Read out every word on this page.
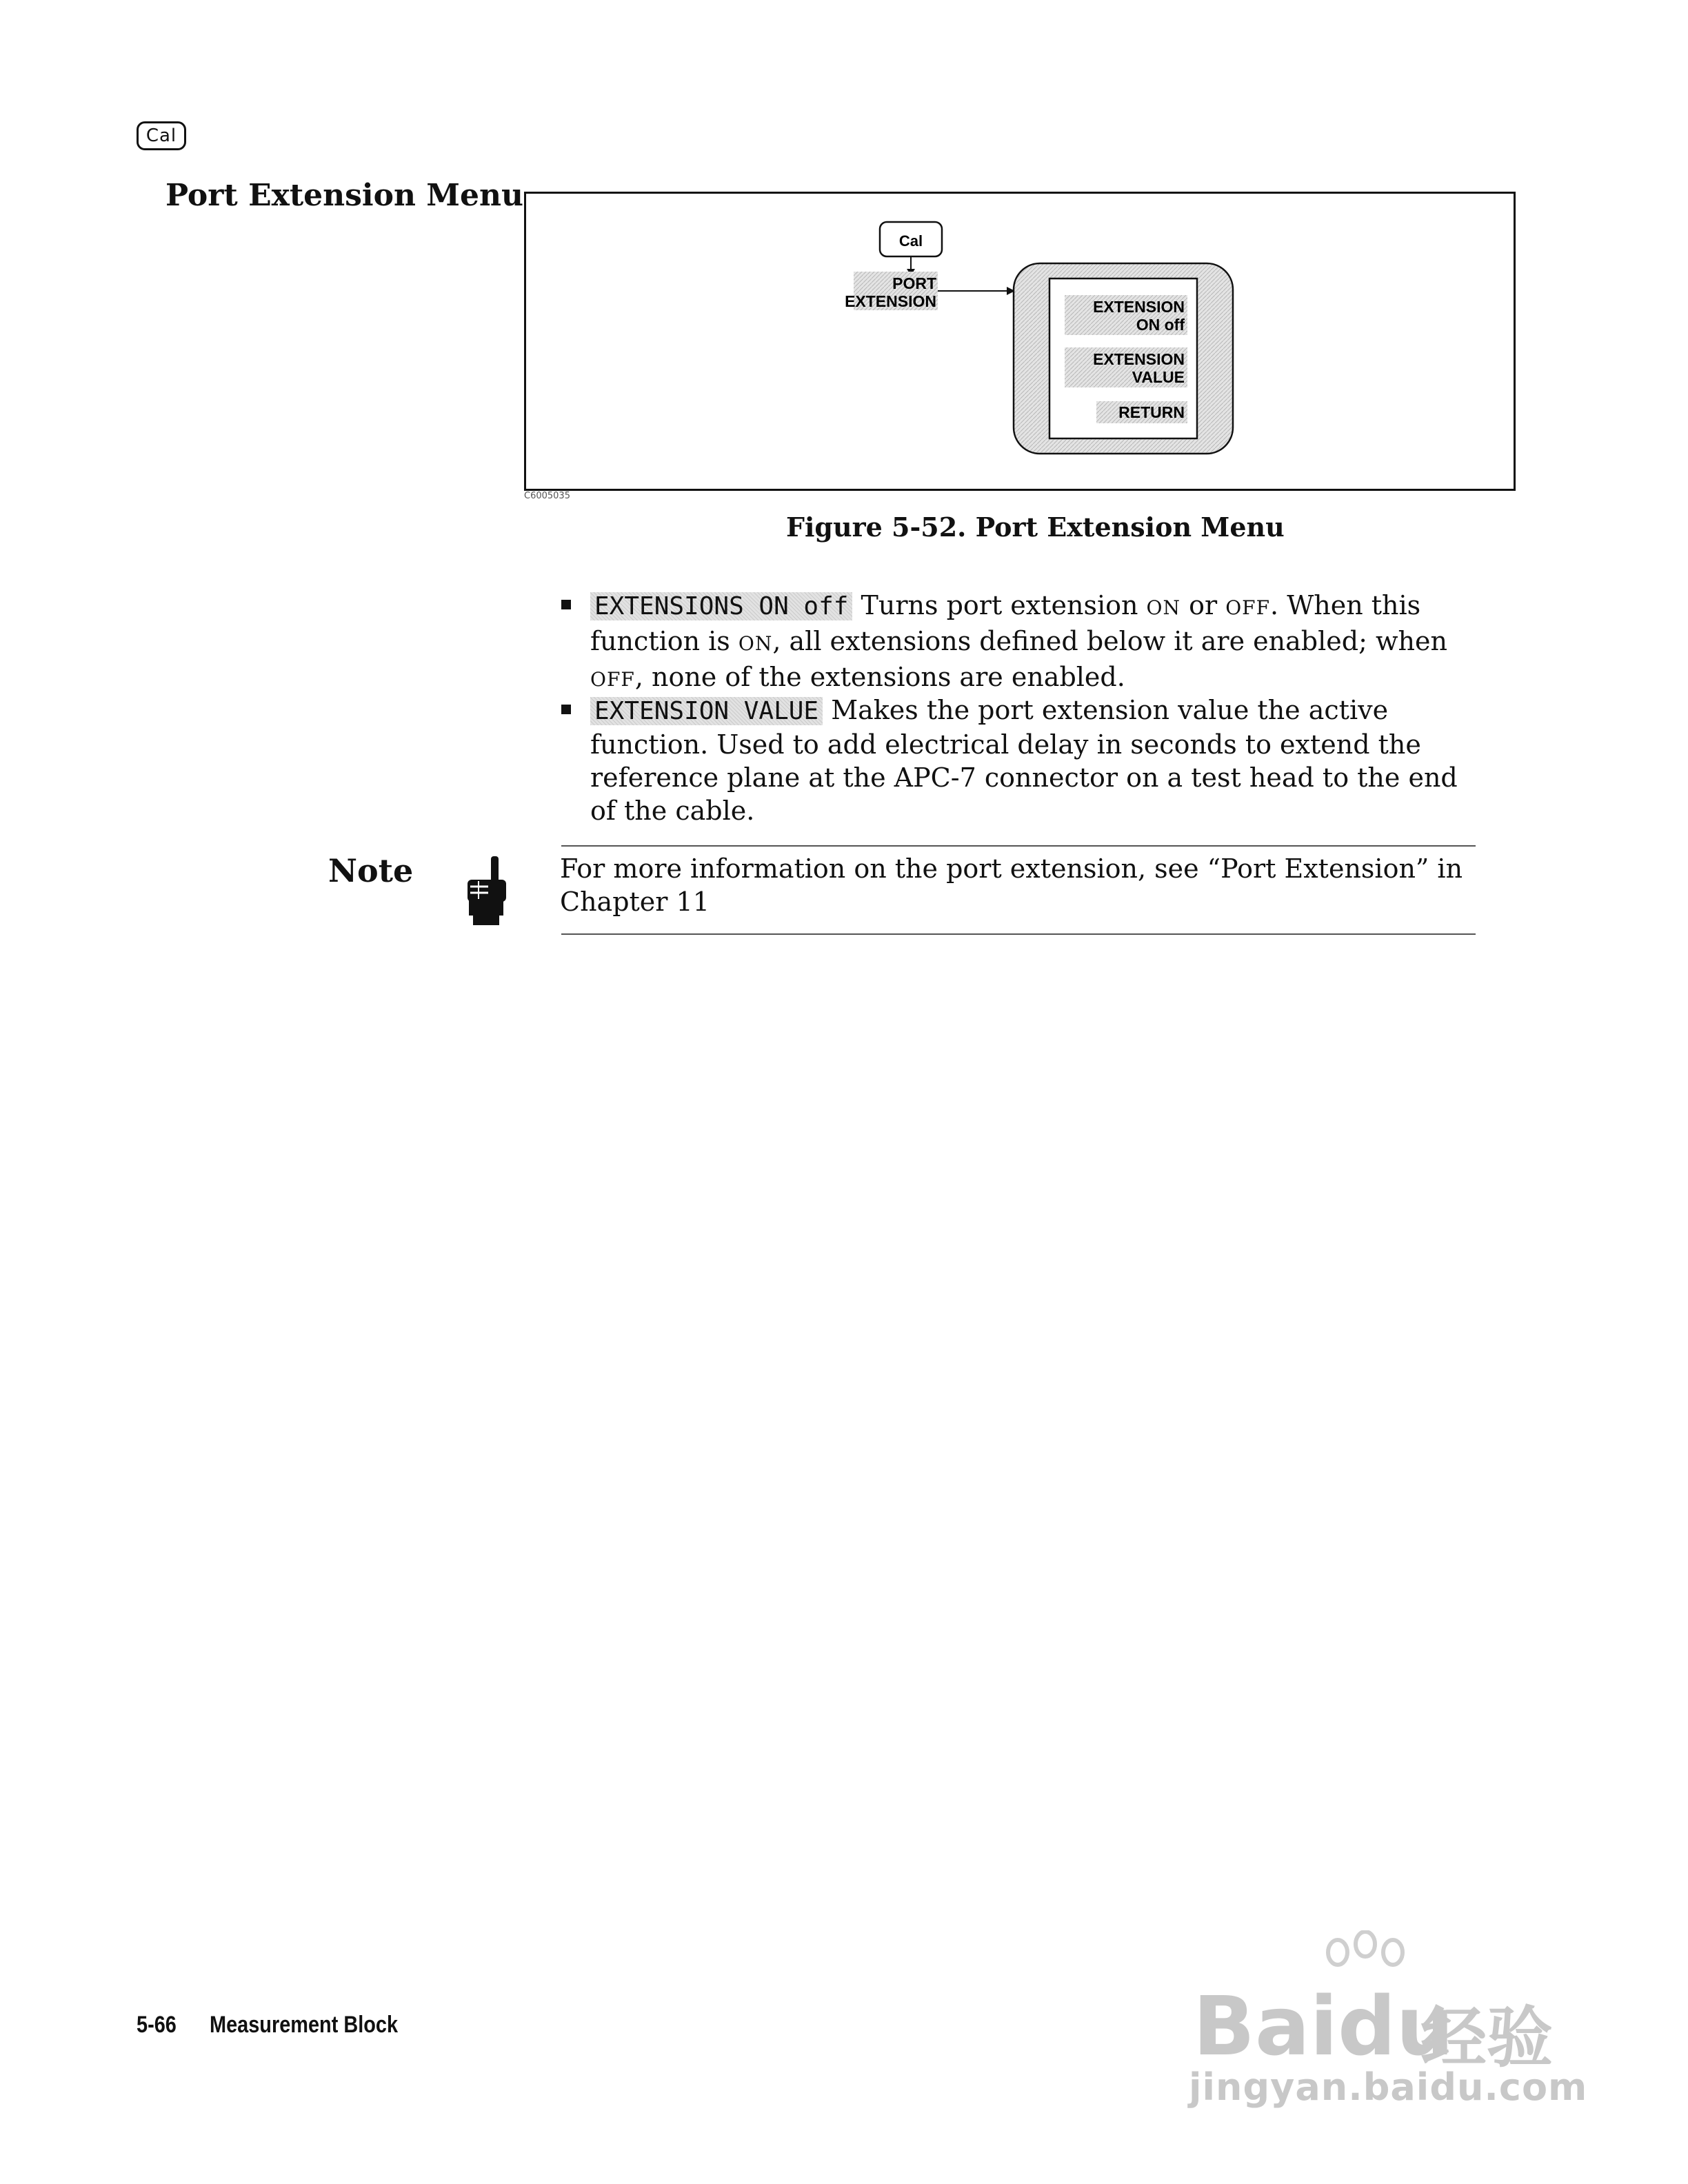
Cal
Port Extension Menu
Cal
PORT
EXTENSION	EXTENSION
ON off
EXTENSION
VALUE
RETURN
C6005035
Figure 5-52. Port Extension Menu
EXTENSIONS ON off Turns port extension ON or OFF. When this function is ON, all extensions defined below it are enabled; when OFF, none of the extensions are enabled.
EXTENSION VALUE Makes the port extension value the active function. Used to add electrical delay in seconds to extend the reference plane at the APC-7 connector on a test head to the end of the cable.
Note	For more information on the port extension, see “Port Extension” in Chapter 11
5-66 Measurement Block	Baidu
经验
jingyan.baidu.com
